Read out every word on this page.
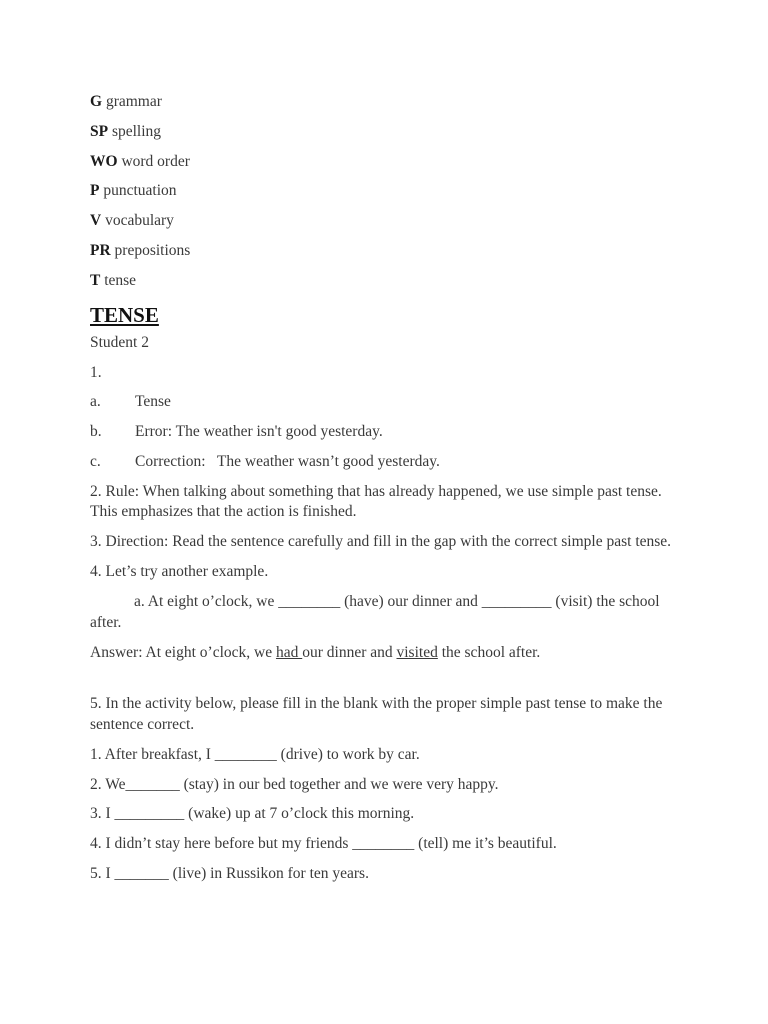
G grammar
SP spelling
WO word order
P punctuation
V vocabulary
PR prepositions
T tense
TENSE
Student 2
1.
a.	Tense
b.	Error: The weather isn't good yesterday.
c.	Correction:   The weather wasn’t good yesterday.
2. Rule: When talking about something that has already happened, we use simple past tense. This emphasizes that the action is finished.
3. Direction: Read the sentence carefully and fill in the gap with the correct simple past tense.
4. Let’s try another example.
a. At eight o’clock, we ________ (have) our dinner and _________ (visit) the school after.
Answer: At eight o’clock, we had our dinner and visited the school after.
5. In the activity below, please fill in the blank with the proper simple past tense to make the sentence correct.
1. After breakfast, I ________ (drive) to work by car.
2. We_______ (stay) in our bed together and we were very happy.
3. I _________ (wake) up at 7 o’clock this morning.
4. I didn’t stay here before but my friends ________ (tell) me it’s beautiful.
5. I _______ (live) in Russikon for ten years.
